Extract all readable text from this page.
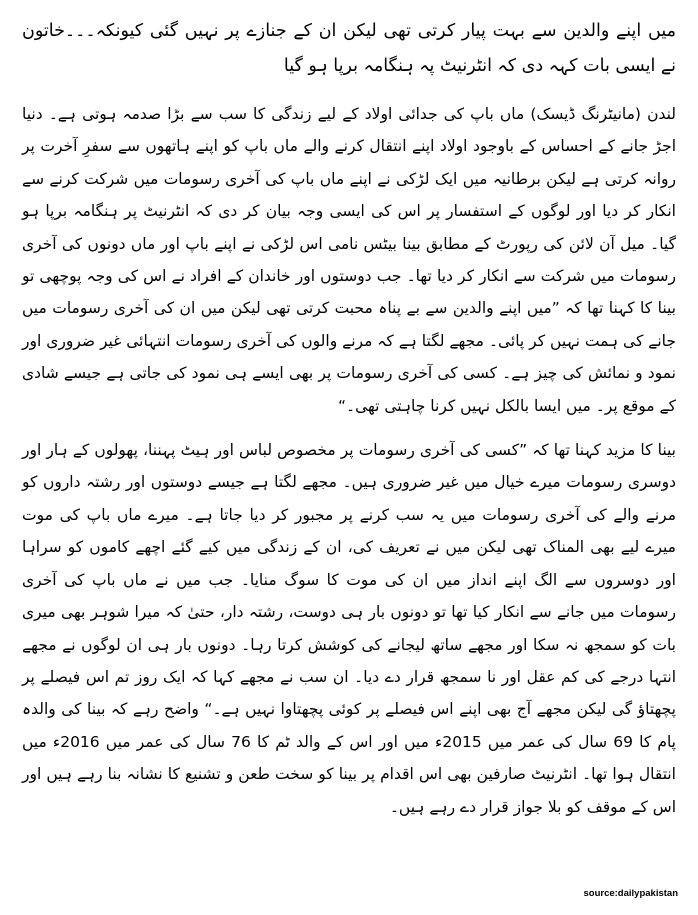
میں اپنے والدین سے بہت پیار کرتی تھی لیکن ان کے جنازے پر نہیں گئی کیونکہ۔۔۔خاتون نے ایسی بات کہہ دی کہ انٹرنیٹ پہ ہنگامہ برپا ہو گیا

لندن (مانیٹرنگ ڈیسک) ماں باپ کی جدائی اولاد کے لیے زندگی کا سب سے بڑا صدمہ ہوتی ہے۔ دنیا اجڑ جانے کے احساس کے باوجود اولاد اپنے انتقال کرنے والے ماں باپ کو اپنے ہاتھوں سے سفرِ آخرت پر روانہ کرتی ہے لیکن برطانیہ میں ایک لڑکی نے اپنے ماں باپ کی آخری رسومات میں شرکت کرنے سے انکار کر دیا اور لوگوں کے استفسار پر اس کی ایسی وجہ بیان کر دی کہ انٹرنیٹ پر ہنگامہ برپا ہو گیا۔ میل آن لائن کی رپورٹ کے مطابق بینا بیٹس نامی اس لڑکی نے اپنے باپ اور ماں دونوں کی آخری رسومات میں شرکت سے انکار کر دیا تھا۔ جب دوستوں اور خاندان کے افراد نے اس کی وجہ پوچھی تو بینا کا کہنا تھا کہ ”میں اپنے والدین سے بے پناہ محبت کرتی تھی لیکن میں ان کی آخری رسومات میں جانے کی ہمت نہیں کر پائی۔ مجھے لگتا ہے کہ مرنے والوں کی آخری رسومات انتہائی غیر ضروری اور نمود و نمائش کی چیز ہے۔ کسی کی آخری رسومات پر بھی ایسے ہی نمود کی جاتی ہے جیسے شادی کے موقع پر۔ میں ایسا بالکل نہیں کرنا چاہتی تھی۔“

بینا کا مزید کہنا تھا کہ ”کسی کی آخری رسومات پر مخصوص لباس اور ہیٹ پہننا، پھولوں کے ہار اور دوسری رسومات میرے خیال میں غیر ضروری ہیں۔ مجھے لگتا ہے جیسے دوستوں اور رشتہ داروں کو مرنے والے کی آخری رسومات میں یہ سب کرنے پر مجبور کر دیا جاتا ہے۔ میرے ماں باپ کی موت میرے لیے بھی المناک تھی لیکن میں نے تعریف کی، ان کے زندگی میں کیے گئے اچھے کاموں کو سراہا اور دوسروں سے الگ اپنے انداز میں ان کی موت کا سوگ منایا۔ جب میں نے ماں باپ کی آخری رسومات میں جانے سے انکار کیا تھا تو دونوں بار ہی دوست، رشتہ دار، حتیٰ کہ میرا شوہر بھی میری بات کو سمجھ نہ سکا اور مجھے ساتھ لیجانے کی کوشش کرتا رہا۔ دونوں بار ہی ان لوگوں نے مجھے انتہا درجے کی کم عقل اور نا سمجھ قرار دے دیا۔ ان سب نے مجھے کہا کہ ایک روز تم اس فیصلے پر پچھتاؤ گی لیکن مجھے آج بھی اپنے اس فیصلے پر کوئی پچھتاوا نہیں ہے۔“ واضح رہے کہ بینا کی والدہ پام کا 69 سال کی عمر میں 2015ء میں اور اس کے والد ٹم کا 76 سال کی عمر میں 2016ء میں انتقال ہوا تھا۔ انٹرنیٹ صارفین بھی اس اقدام پر بینا کو سخت طعن و تشنیع کا نشانہ بنا رہے ہیں اور اس کے موقف کو بلا جواز قرار دے رہے ہیں۔

source:dailypakistan
